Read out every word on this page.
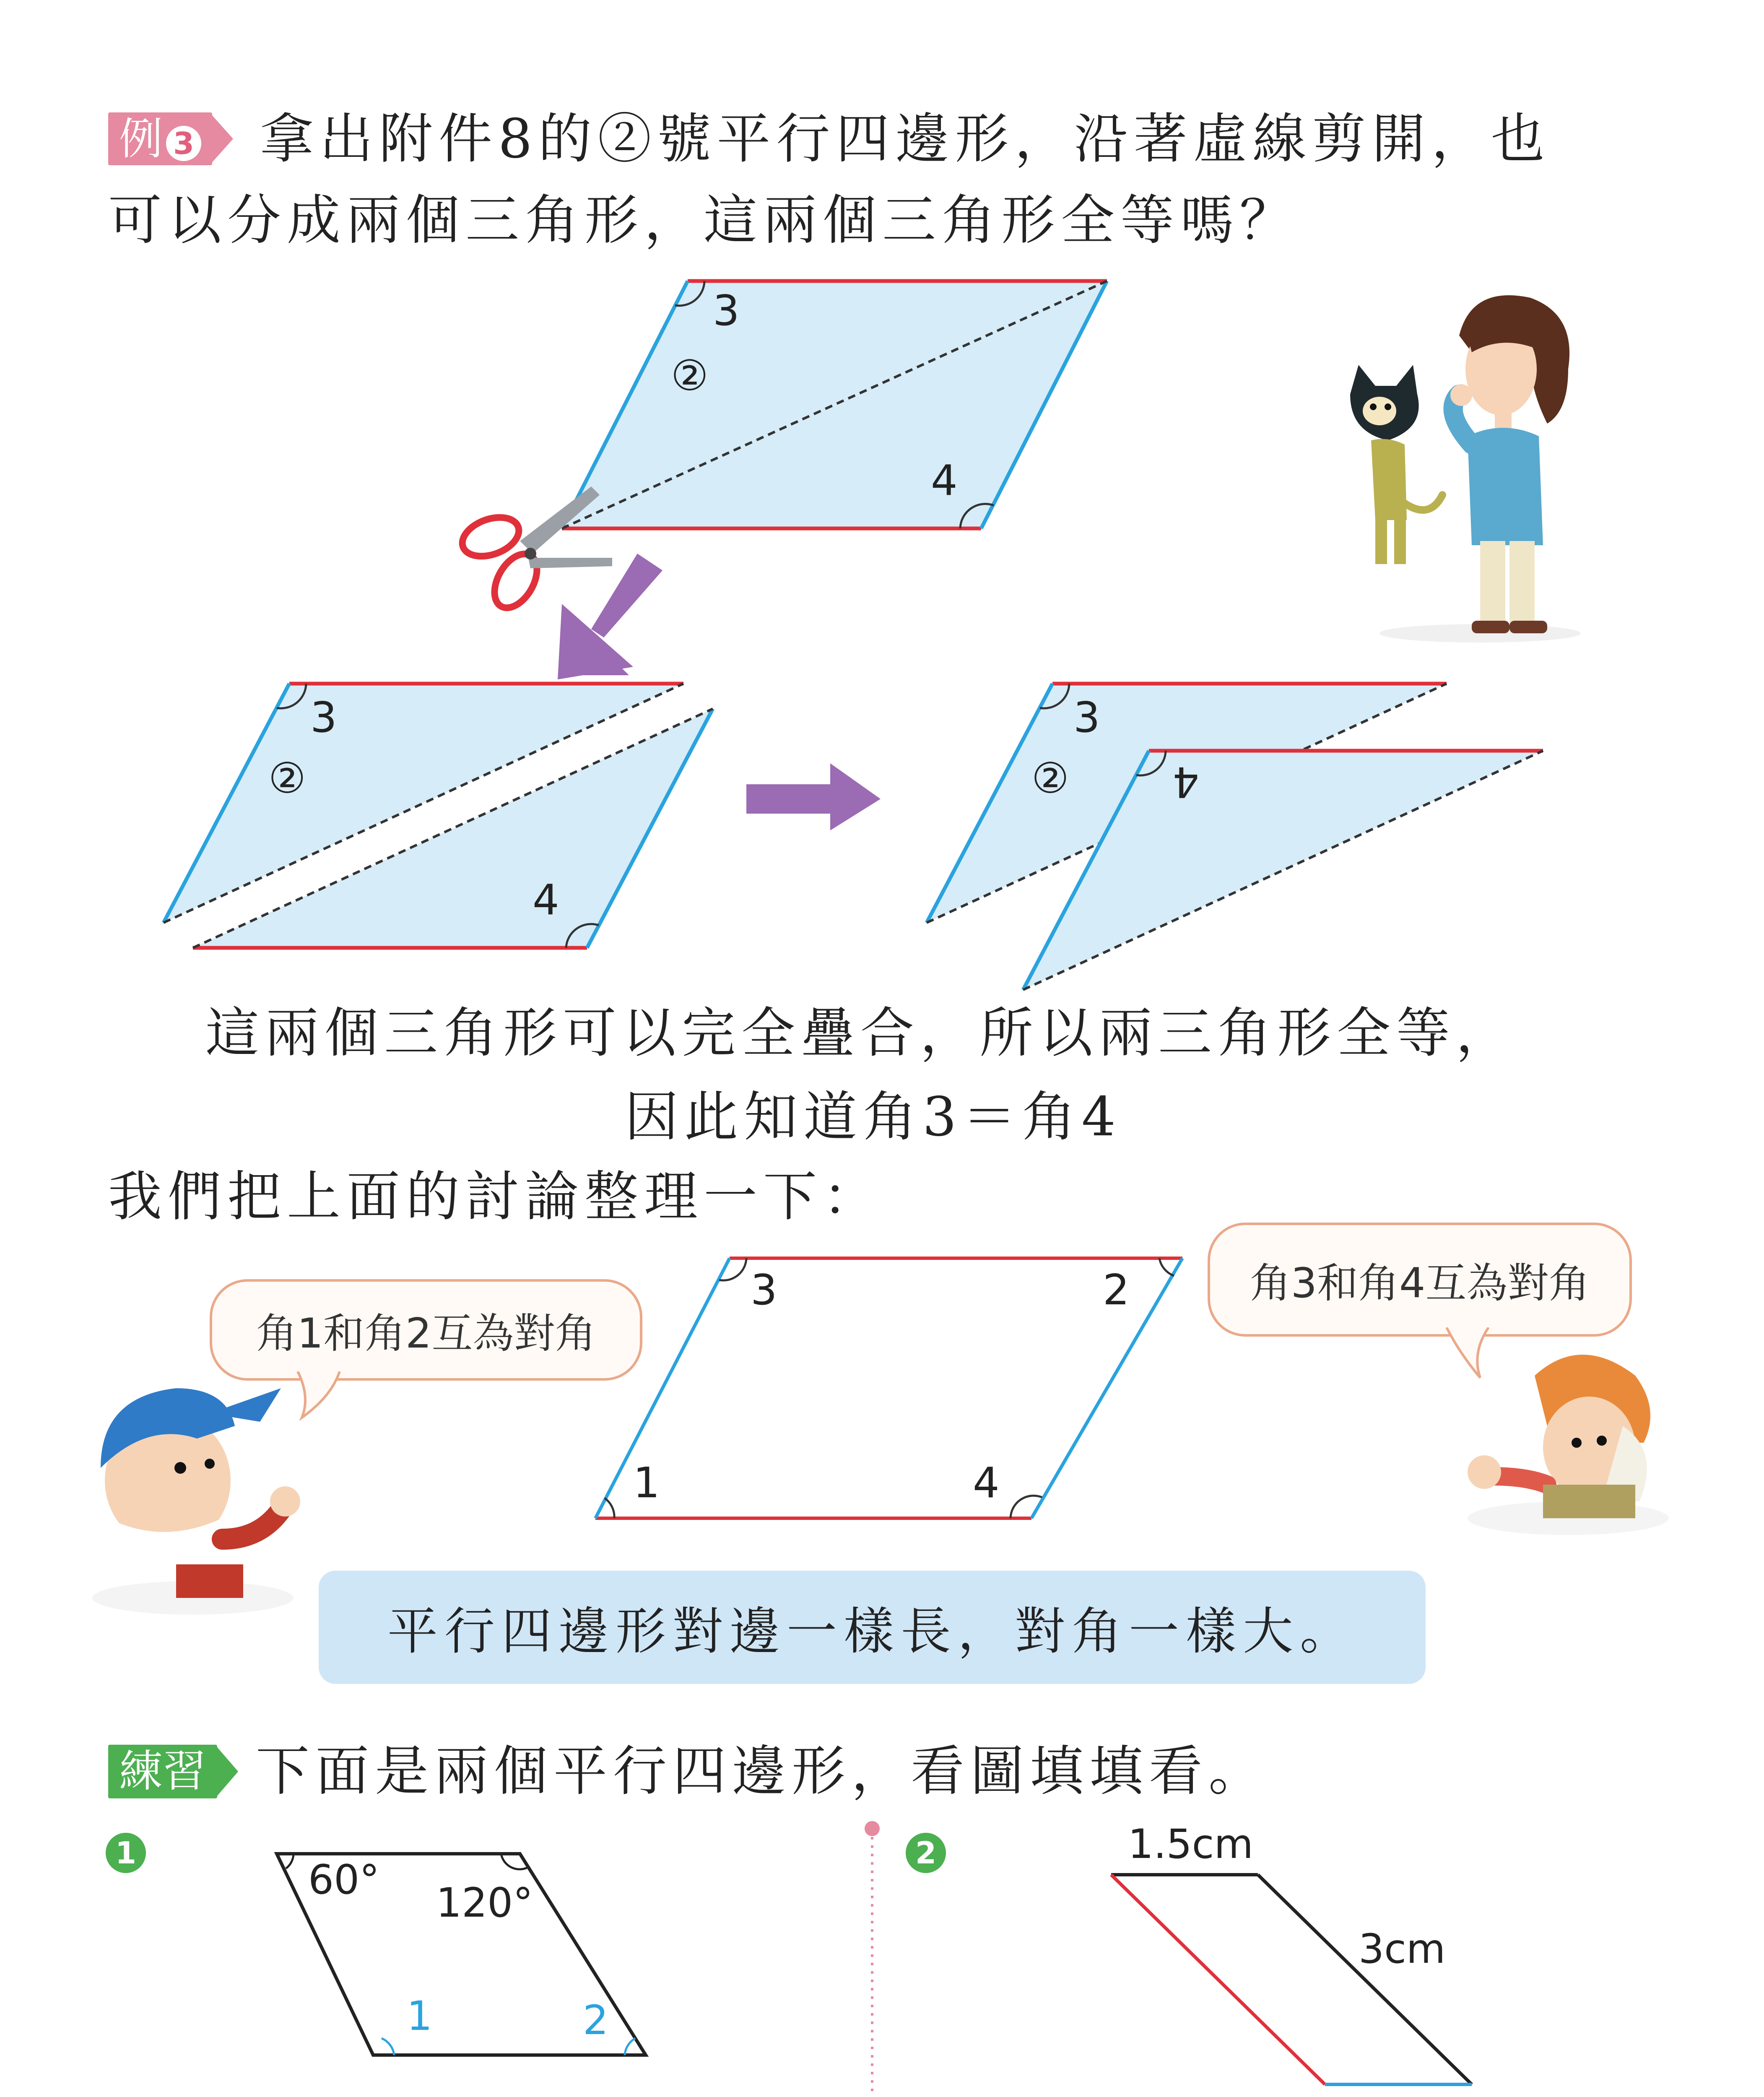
例 3	拿出附件8的②號平行四邊形，沿著虛線剪開，也
可以分成兩個三角形，這兩個三角形全等嗎？
3
②
4
3
②
4
3
② 4
這兩個三角形可以完全疊合，所以兩三角形全等，
因此知道角3＝角4
我們把上面的討論整理一下：
角1和角2互為對角
角3和角4互為對角
3	2
1	4
平行四邊形對邊一樣長，對角一樣大。
練習 下面是兩個平行四邊形，看圖填填看。
1
60° 120°
1	2
2	1.5cm
3cm
